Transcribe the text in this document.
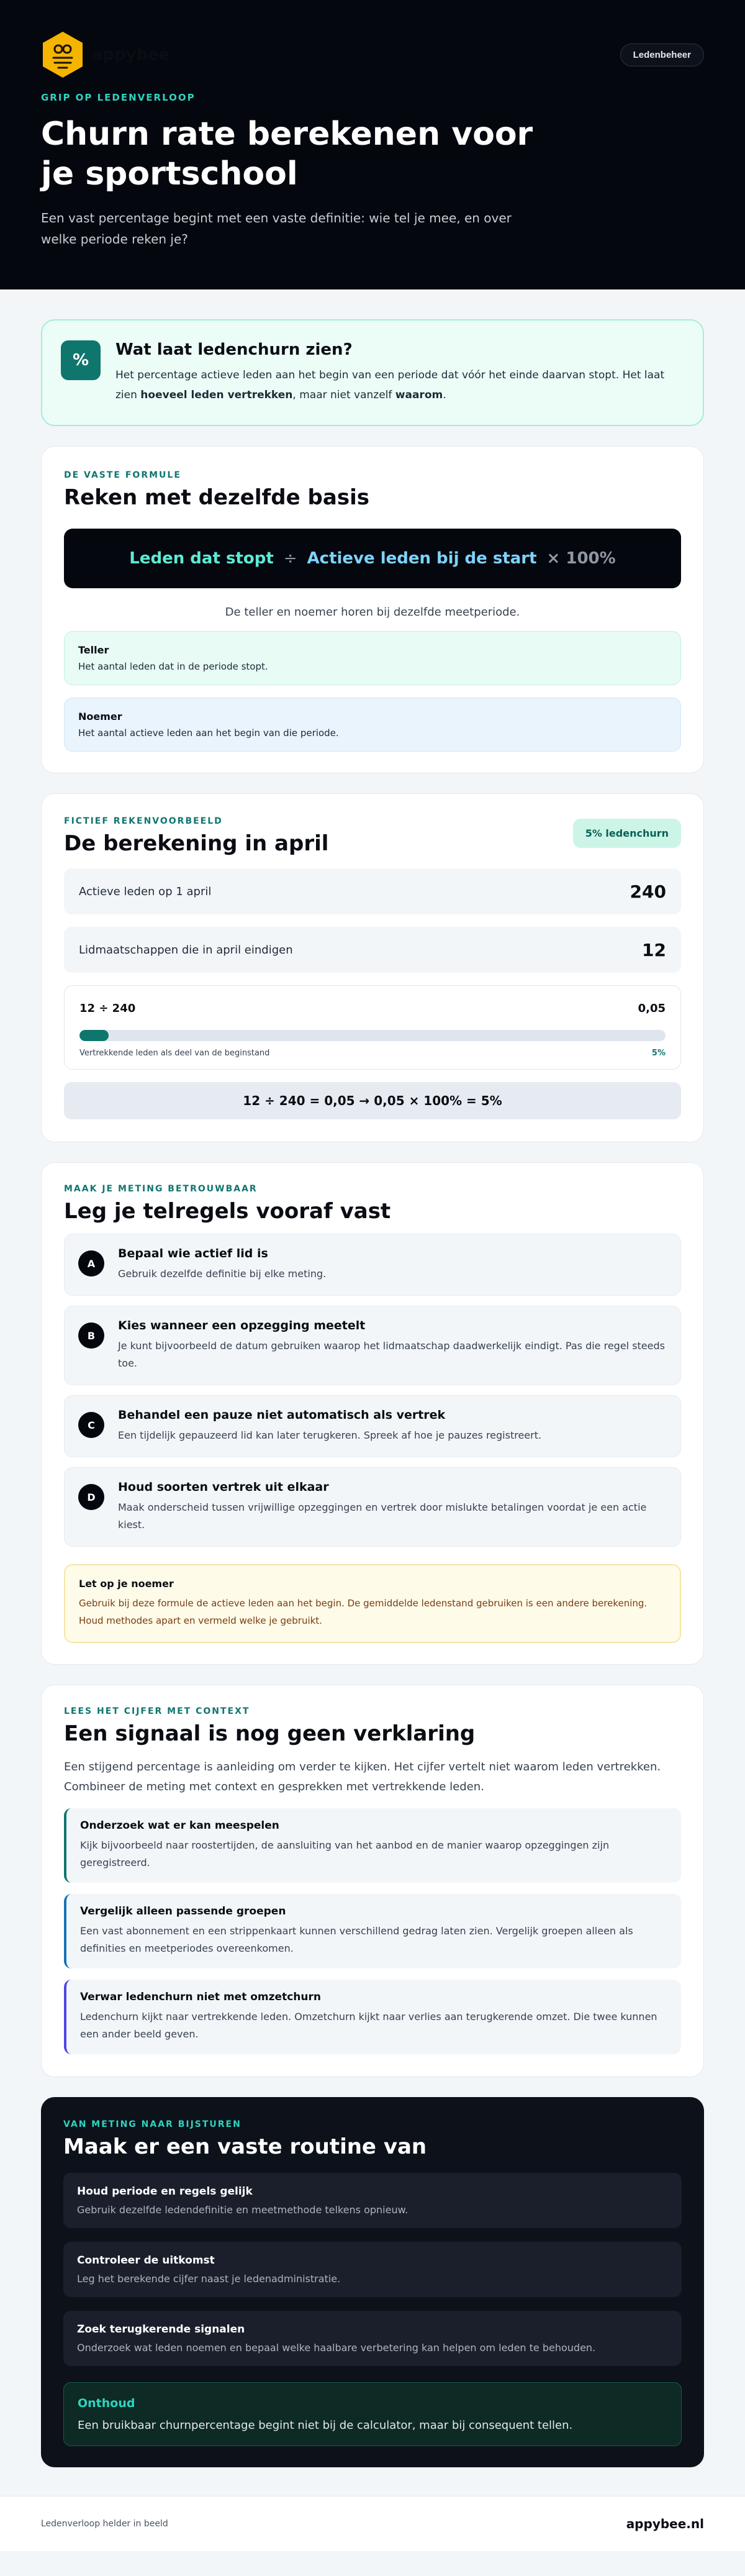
appybee	Ledenbeheer
GRIP OP LEDENVERLOOP
Churn rate berekenen voor je sportschool

Een vast percentage begint met een vaste definitie: wie tel je mee, en over welke periode reken je?

%
Wat laat ledenchurn zien?

Het percentage actieve leden aan het begin van een periode dat vóór het einde daarvan stopt. Het laat zien hoeveel leden vertrekken, maar niet vanzelf waarom.

DE VASTE FORMULE
Reken met dezelfde basis
Leden dat stopt ÷ Actieve leden bij de start × 100%

De teller en noemer horen bij dezelfde meetperiode.

Teller
Het aantal leden dat in de periode stopt.
Noemer
Het aantal actieve leden aan het begin van die periode.
FICTIEF REKENVOORBEELD
De berekening in april	5% ledenchurn
Actieve leden op 1 april	240
Lidmaatschappen die in april eindigen	12
12 ÷ 240	0,05
Vertrekkende leden als deel van de beginstand	5%
12 ÷ 240 = 0,05 → 0,05 × 100% = 5%
MAAK JE METING BETROUWBAAR
Leg je telregels vooraf vast
A
Bepaal wie actief lid is
Gebruik dezelfde definitie bij elke meting.
B
Kies wanneer een opzegging meetelt
Je kunt bijvoorbeeld de datum gebruiken waarop het lidmaatschap daadwerkelijk eindigt. Pas die regel steeds toe.
C
Behandel een pauze niet automatisch als vertrek
Een tijdelijk gepauzeerd lid kan later terugkeren. Spreek af hoe je pauzes registreert.
D
Houd soorten vertrek uit elkaar
Maak onderscheid tussen vrijwillige opzeggingen en vertrek door mislukte betalingen voordat je een actie kiest.
Let op je noemer
Gebruik bij deze formule de actieve leden aan het begin. De gemiddelde ledenstand gebruiken is een andere berekening. Houd methodes apart en vermeld welke je gebruikt.
LEES HET CIJFER MET CONTEXT
Een signaal is nog geen verklaring

Een stijgend percentage is aanleiding om verder te kijken. Het cijfer vertelt niet waarom leden vertrekken. Combineer de meting met context en gesprekken met vertrekkende leden.

Onderzoek wat er kan meespelen
Kijk bijvoorbeeld naar roostertijden, de aansluiting van het aanbod en de manier waarop opzeggingen zijn geregistreerd.
Vergelijk alleen passende groepen
Een vast abonnement en een strippenkaart kunnen verschillend gedrag laten zien. Vergelijk groepen alleen als definities en meetperiodes overeenkomen.
Verwar ledenchurn niet met omzetchurn
Ledenchurn kijkt naar vertrekkende leden. Omzetchurn kijkt naar verlies aan terugkerende omzet. Die twee kunnen een ander beeld geven.
VAN METING NAAR BIJSTUREN
Maak er een vaste routine van
Houd periode en regels gelijk
Gebruik dezelfde ledendefinitie en meetmethode telkens opnieuw.
Controleer de uitkomst
Leg het berekende cijfer naast je ledenadministratie.
Zoek terugkerende signalen
Onderzoek wat leden noemen en bepaal welke haalbare verbetering kan helpen om leden te behouden.
Onthoud
Een bruikbaar churnpercentage begint niet bij de calculator, maar bij consequent tellen.
Ledenverloop helder in beeld	appybee.nl
